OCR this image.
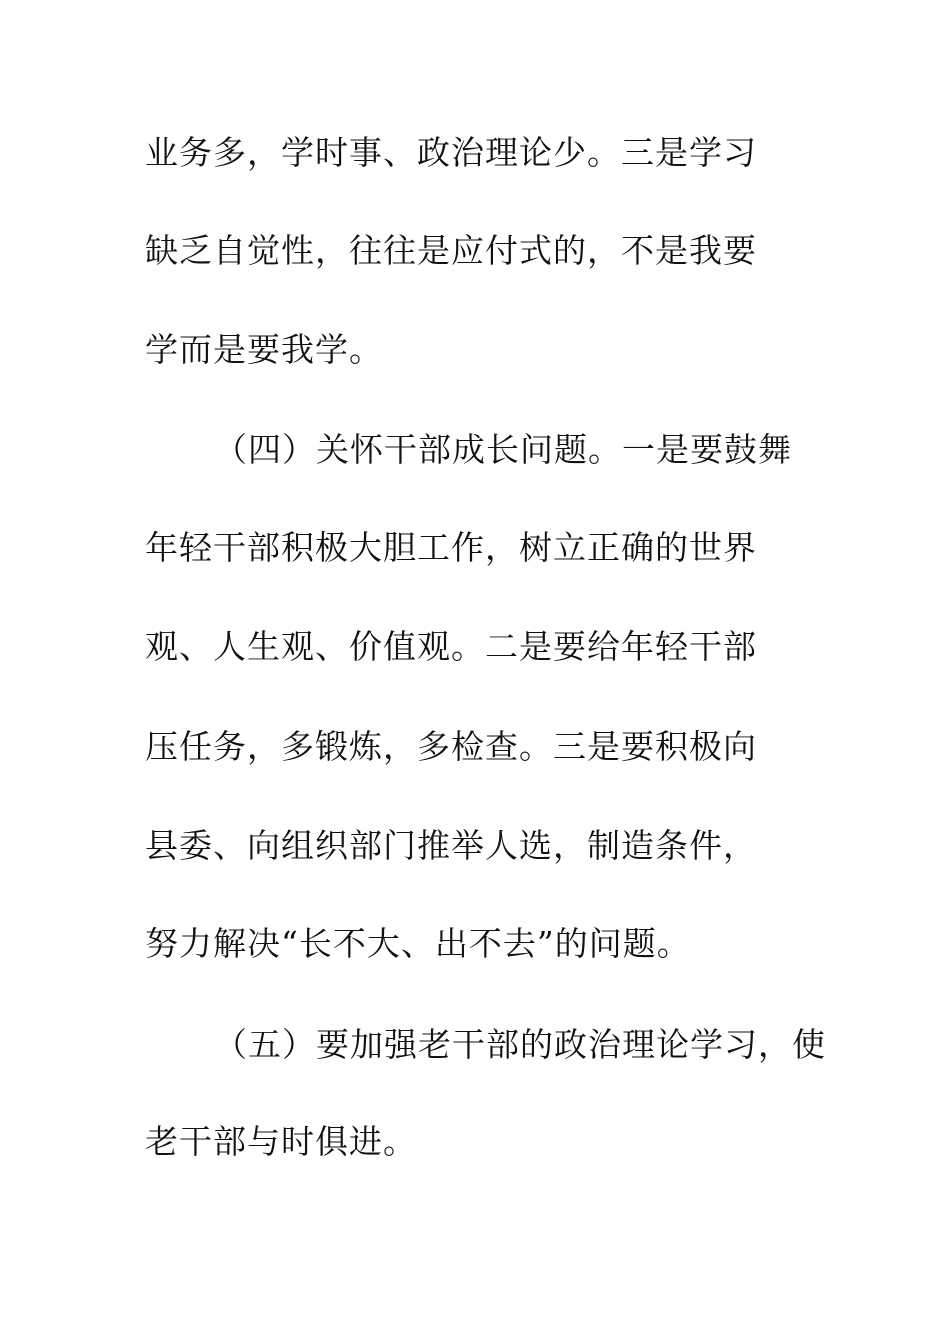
业务多，学时事、政治理论少。三是学习
缺乏自觉性，往往是应付式的，不是我要
学而是要我学。
（四）关怀干部成长问题。一是要鼓舞
年轻干部积极大胆工作，树立正确的世界
观、人生观、价值观。二是要给年轻干部
压任务，多锻炼，多检查。三是要积极向
县委、向组织部门推举人选，制造条件，
努力解决“长不大、出不去”的问题。
（五）要加强老干部的政治理论学习，使
老干部与时俱进。
